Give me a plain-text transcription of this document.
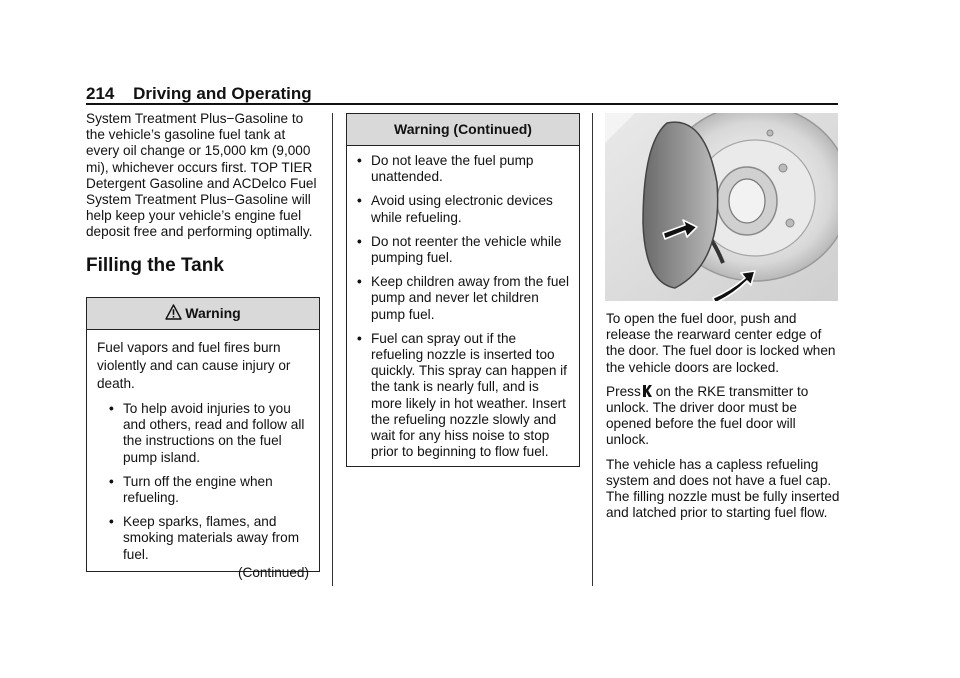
214 Driving and Operating

System Treatment Plus−Gasoline to the vehicle’s gasoline fuel tank at every oil change or 15,000 km (9,000 mi), whichever occurs first. TOP TIER Detergent Gasoline and ACDelco Fuel System Treatment Plus−Gasoline will help keep your vehicle’s engine fuel deposit free and performing optimally.

Filling the Tank
Warning

Fuel vapors and fuel fires burn violently and can cause injury or death.

• To help avoid injuries to you and others, read and follow all the instructions on the fuel pump island.
• Turn off the engine when refueling.
• Keep sparks, flames, and smoking materials away from fuel.
(Continued)
Warning (Continued)
• Do not leave the fuel pump unattended.
• Avoid using electronic devices while refueling.
• Do not reenter the vehicle while pumping fuel.
• Keep children away from the fuel pump and never let children pump fuel.
• Fuel can spray out if the refueling nozzle is inserted too quickly. This spray can happen if the tank is nearly full, and is more likely in hot weather. Insert the refueling nozzle slowly and wait for any hiss noise to stop prior to beginning to flow fuel.

To open the fuel door, push and release the rearward center edge of the door. The fuel door is locked when the vehicle doors are locked.

Press on the RKE transmitter to unlock. The driver door must be opened before the fuel door will unlock.

The vehicle has a capless refueling system and does not have a fuel cap. The filling nozzle must be fully inserted and latched prior to starting fuel flow.
